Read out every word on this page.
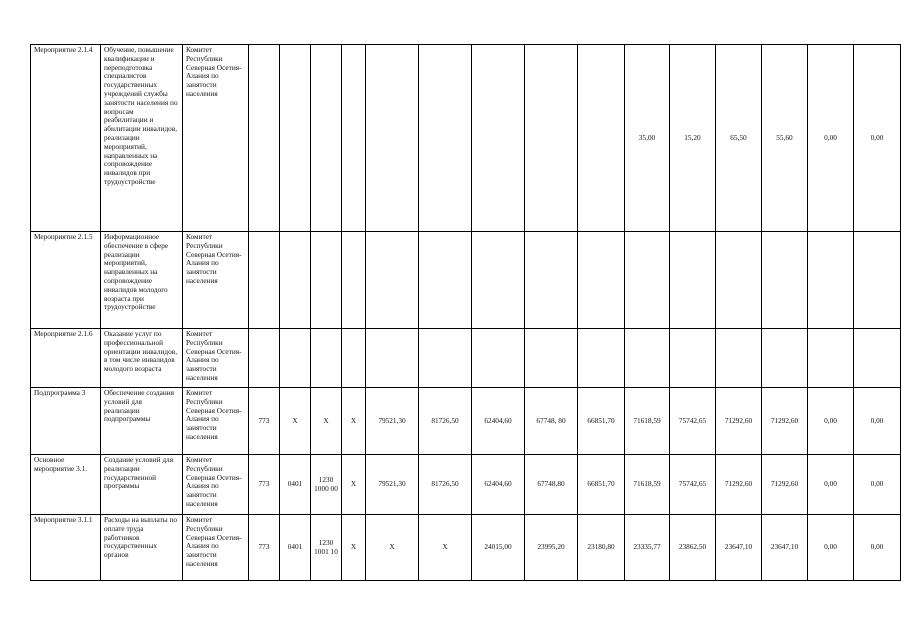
Мероприятие 2.1.4	Обучение, повышение квалификации и переподготовка специалистов государственных учреждений службы занятости населения по вопросам реабилитации и абилитации инвалидов, реализации мероприятий, направленных на сопровождение инвалидов при трудоустройстве	Комитет Республики Северная Осетия-Алания по занятости населения										35,00	15,20	65,50	55,60	0,00	0,00
Мероприятие 2.1.5	Информационное обеспечение в сфере реализации мероприятий, направленных на сопровождение инвалидов молодого возраста при трудоустройстве	Комитет Республики Северная Осетия-Алания по занятости населения															
Мероприятие 2.1.6	Оказание услуг по профессиональной ориентации инвалидов, в том числе инвалидов молодого возраста	Комитет Республики Северная Осетия-Алания по занятости населения															
Подпрограмма 3	Обеспечение создания условий для реализации подпрограммы	Комитет Республики Северная Осетия-Алания по занятости населения	773	Х	Х	Х	79521,30	81726,50	62404,60	67748, 80	66851,70	71618,59	75742,65	71292,60	71292,60	0,00	0,00
Основное мероприятие 3.1.	Создание условий для реализации государственной программы	Комитет Республики Северная Осетия-Алания по занятости населения	773	0401	1230 1000 00	Х	79521,30	81726,50	62404,60	67748,80	66851,70	71618,59	75742,65	71292,60	71292,60	0,00	0,00
Мероприятие 3.1.1	Расходы на выплаты по оплате труда работников государственных органов	Комитет Республики Северная Осетия-Алания по занятости населения	773	0401	1230 1001 10	Х	Х	Х	24015,00	23995,20	23180,80	23335,77	23862,50	23647,10	23647,10	0,00	0,00
